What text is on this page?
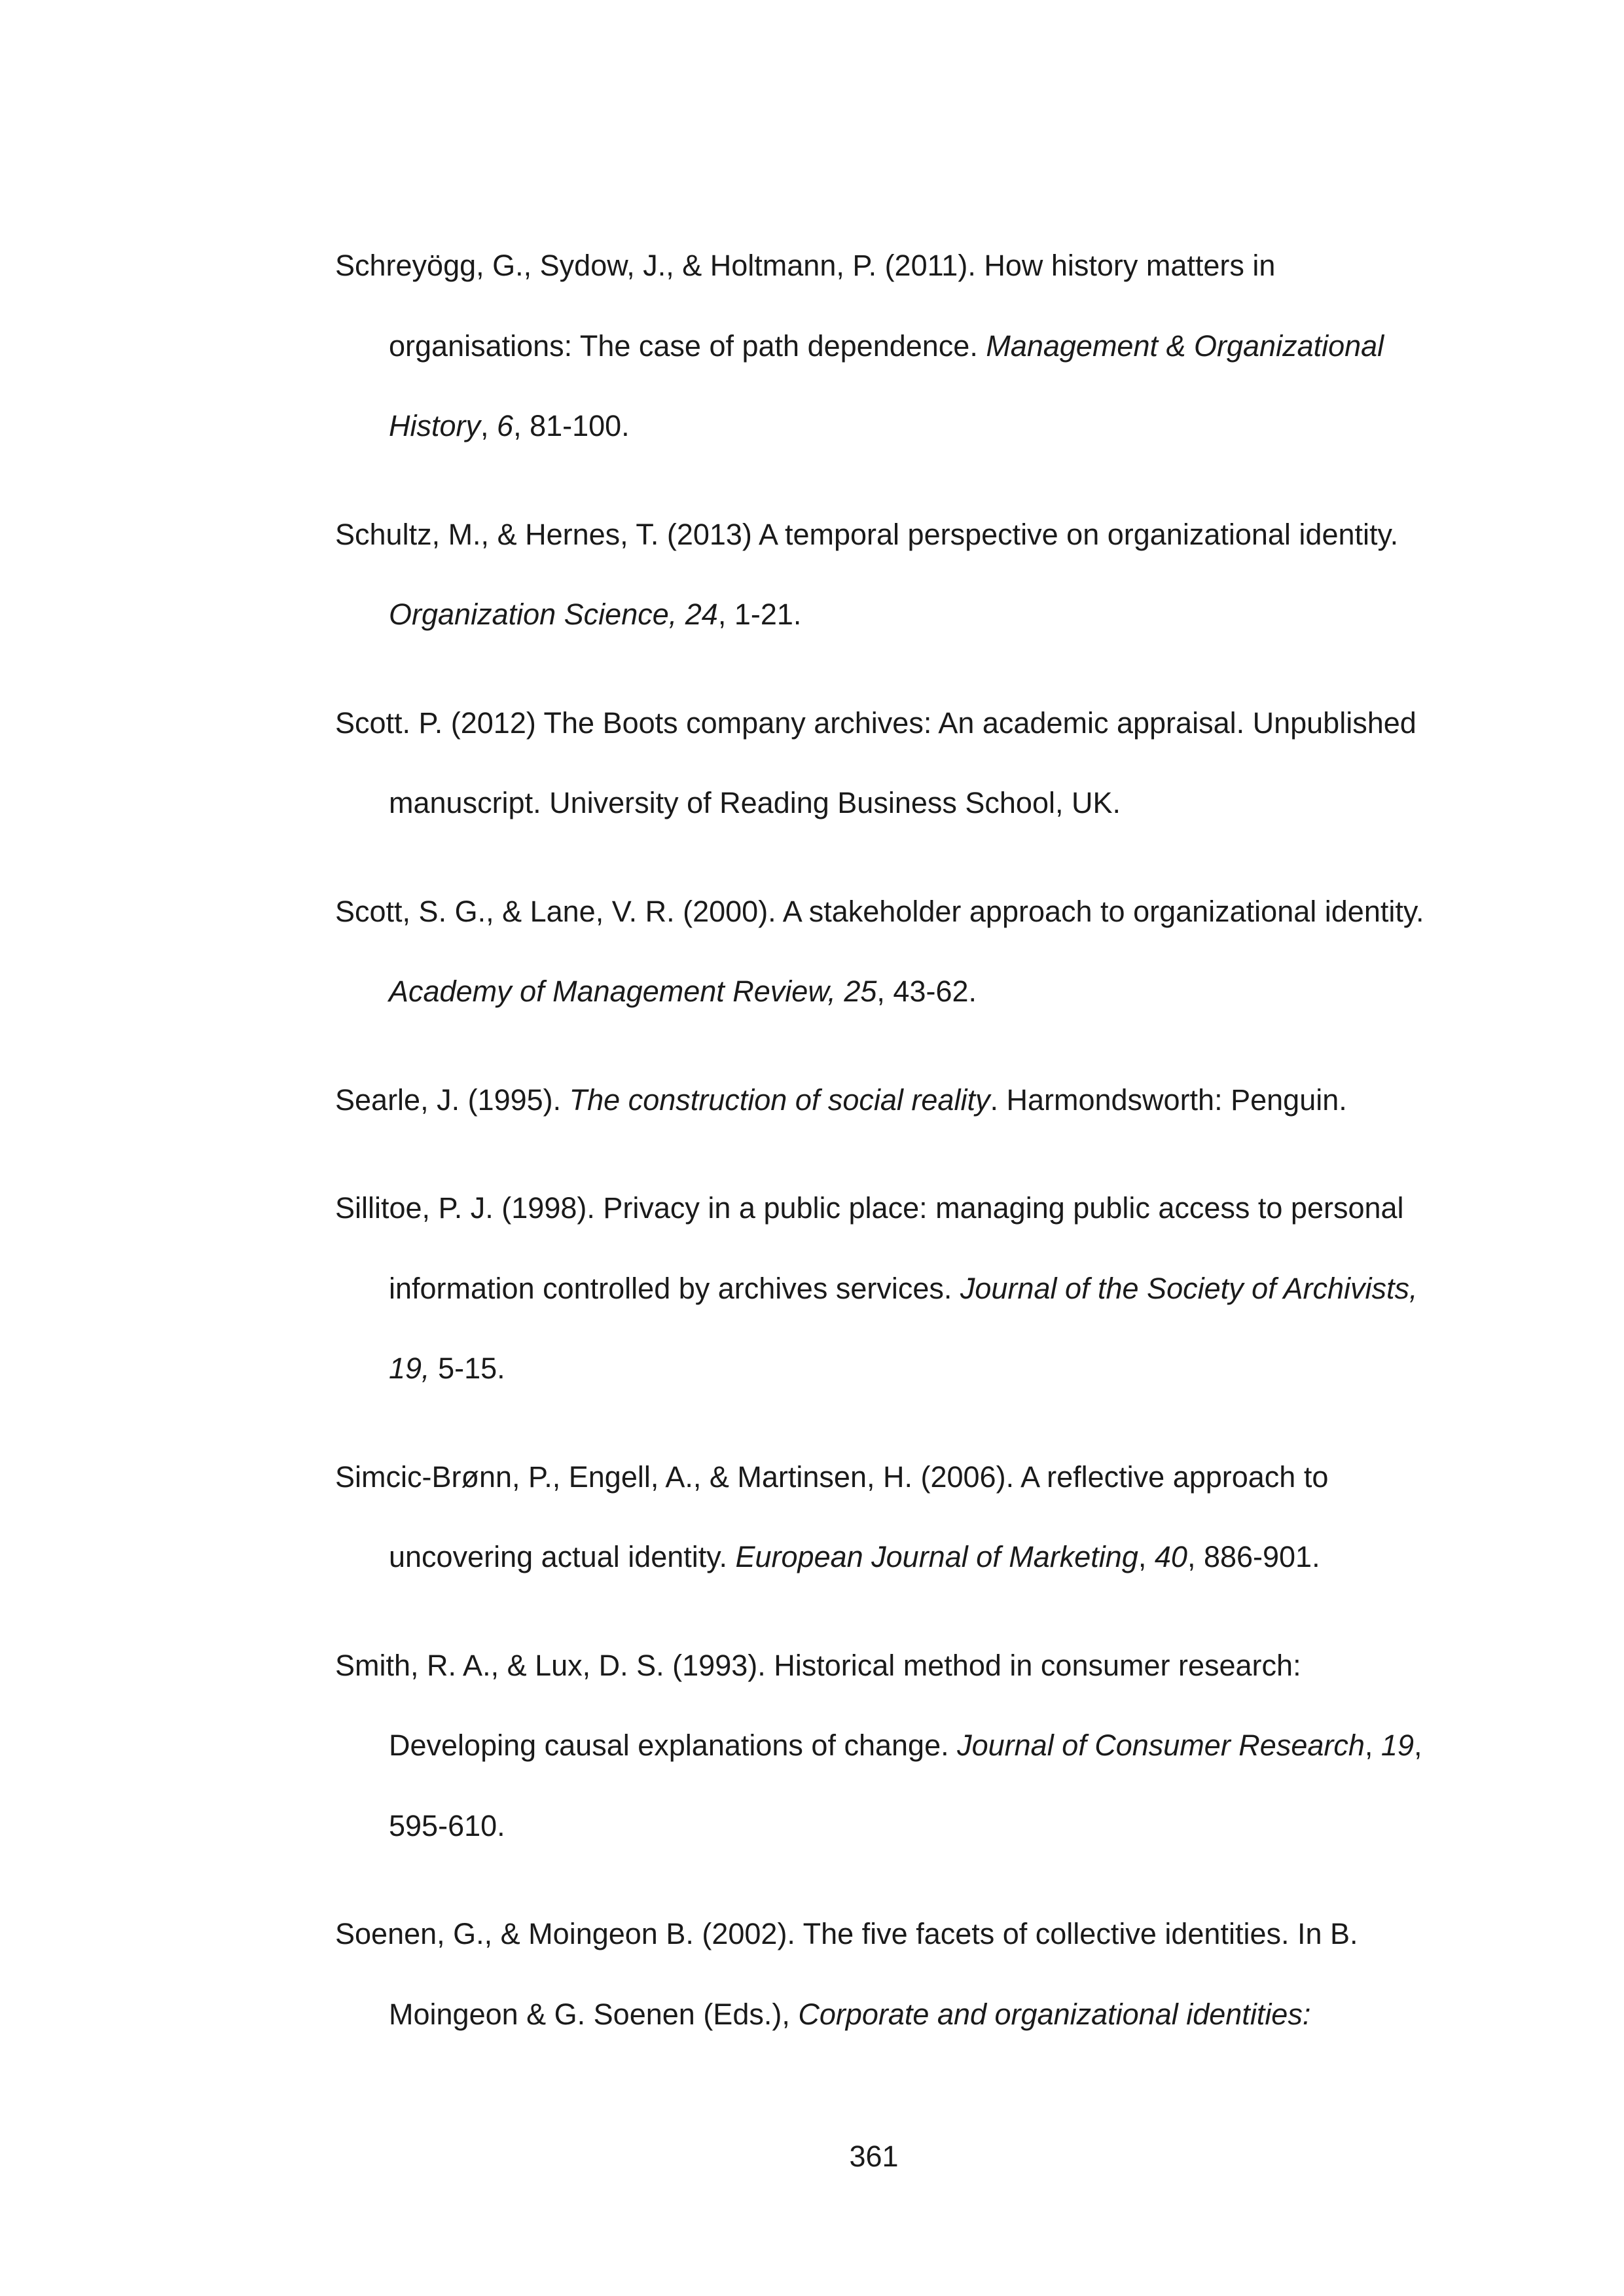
Schreyögg, G., Sydow, J., & Holtmann, P. (2011). How history matters in organisations: The case of path dependence. Management & Organizational History, 6, 81-100.
Schultz, M., & Hernes, T. (2013) A temporal perspective on organizational identity. Organization Science, 24, 1-21.
Scott. P. (2012) The Boots company archives: An academic appraisal. Unpublished manuscript. University of Reading Business School, UK.
Scott, S. G., & Lane, V. R. (2000). A stakeholder approach to organizational identity. Academy of Management Review, 25, 43-62.
Searle, J. (1995). The construction of social reality. Harmondsworth: Penguin.
Sillitoe, P. J. (1998). Privacy in a public place: managing public access to personal information controlled by archives services. Journal of the Society of Archivists, 19, 5-15.
Simcic-Brønn, P., Engell, A., & Martinsen, H. (2006). A reflective approach to uncovering actual identity. European Journal of Marketing, 40, 886-901.
Smith, R. A., & Lux, D. S. (1993). Historical method in consumer research: Developing causal explanations of change. Journal of Consumer Research, 19, 595-610.
Soenen, G., & Moingeon B. (2002). The five facets of collective identities. In B. Moingeon & G. Soenen (Eds.), Corporate and organizational identities:
361
